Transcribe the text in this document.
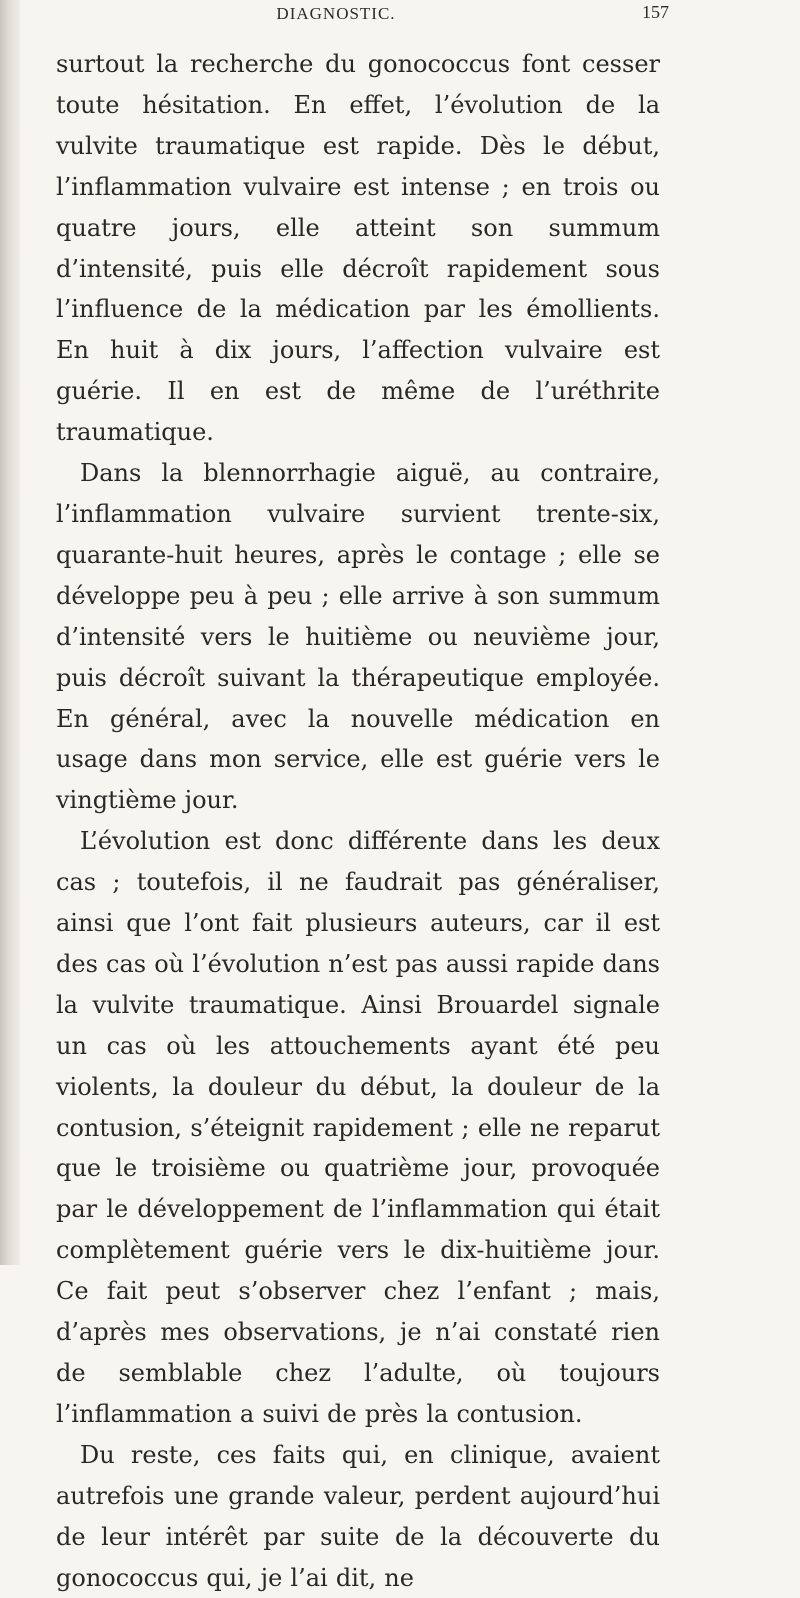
DIAGNOSTIC.	157

surtout la recherche du gonococcus font cesser toute hésitation. En effet, l’évolution de la vulvite traumatique est rapide. Dès le début, l’inflammation vulvaire est intense ; en trois ou quatre jours, elle atteint son summum d’intensité, puis elle décroît rapidement sous l’influence de la médication par les émollients. En huit à dix jours, l’affection vulvaire est guérie. Il en est de même de l’uréthrite traumatique.

Dans la blennorrhagie aiguë, au contraire, l’inflammation vulvaire survient trente-six, quarante-huit heures, après le contage ; elle se développe peu à peu ; elle arrive à son summum d’intensité vers le huitième ou neuvième jour, puis décroît suivant la thérapeutique employée. En général, avec la nouvelle médication en usage dans mon service, elle est guérie vers le vingtième jour.

L’évolution est donc différente dans les deux cas ; toutefois, il ne faudrait pas généraliser, ainsi que l’ont fait plusieurs auteurs, car il est des cas où l’évolution n’est pas aussi rapide dans la vulvite traumatique. Ainsi Brouardel signale un cas où les attouchements ayant été peu violents, la douleur du début, la douleur de la contusion, s’éteignit rapidement ; elle ne reparut que le troisième ou quatrième jour, provoquée par le développement de l’inflammation qui était complètement guérie vers le dix-huitième jour. Ce fait peut s’observer chez l’enfant ; mais, d’après mes observations, je n’ai constaté rien de semblable chez l’adulte, où toujours l’inflammation a suivi de près la contusion.

Du reste, ces faits qui, en clinique, avaient autrefois une grande valeur, perdent aujourd’hui de leur intérêt par suite de la découverte du gonococcus qui, je l’ai dit, ne
